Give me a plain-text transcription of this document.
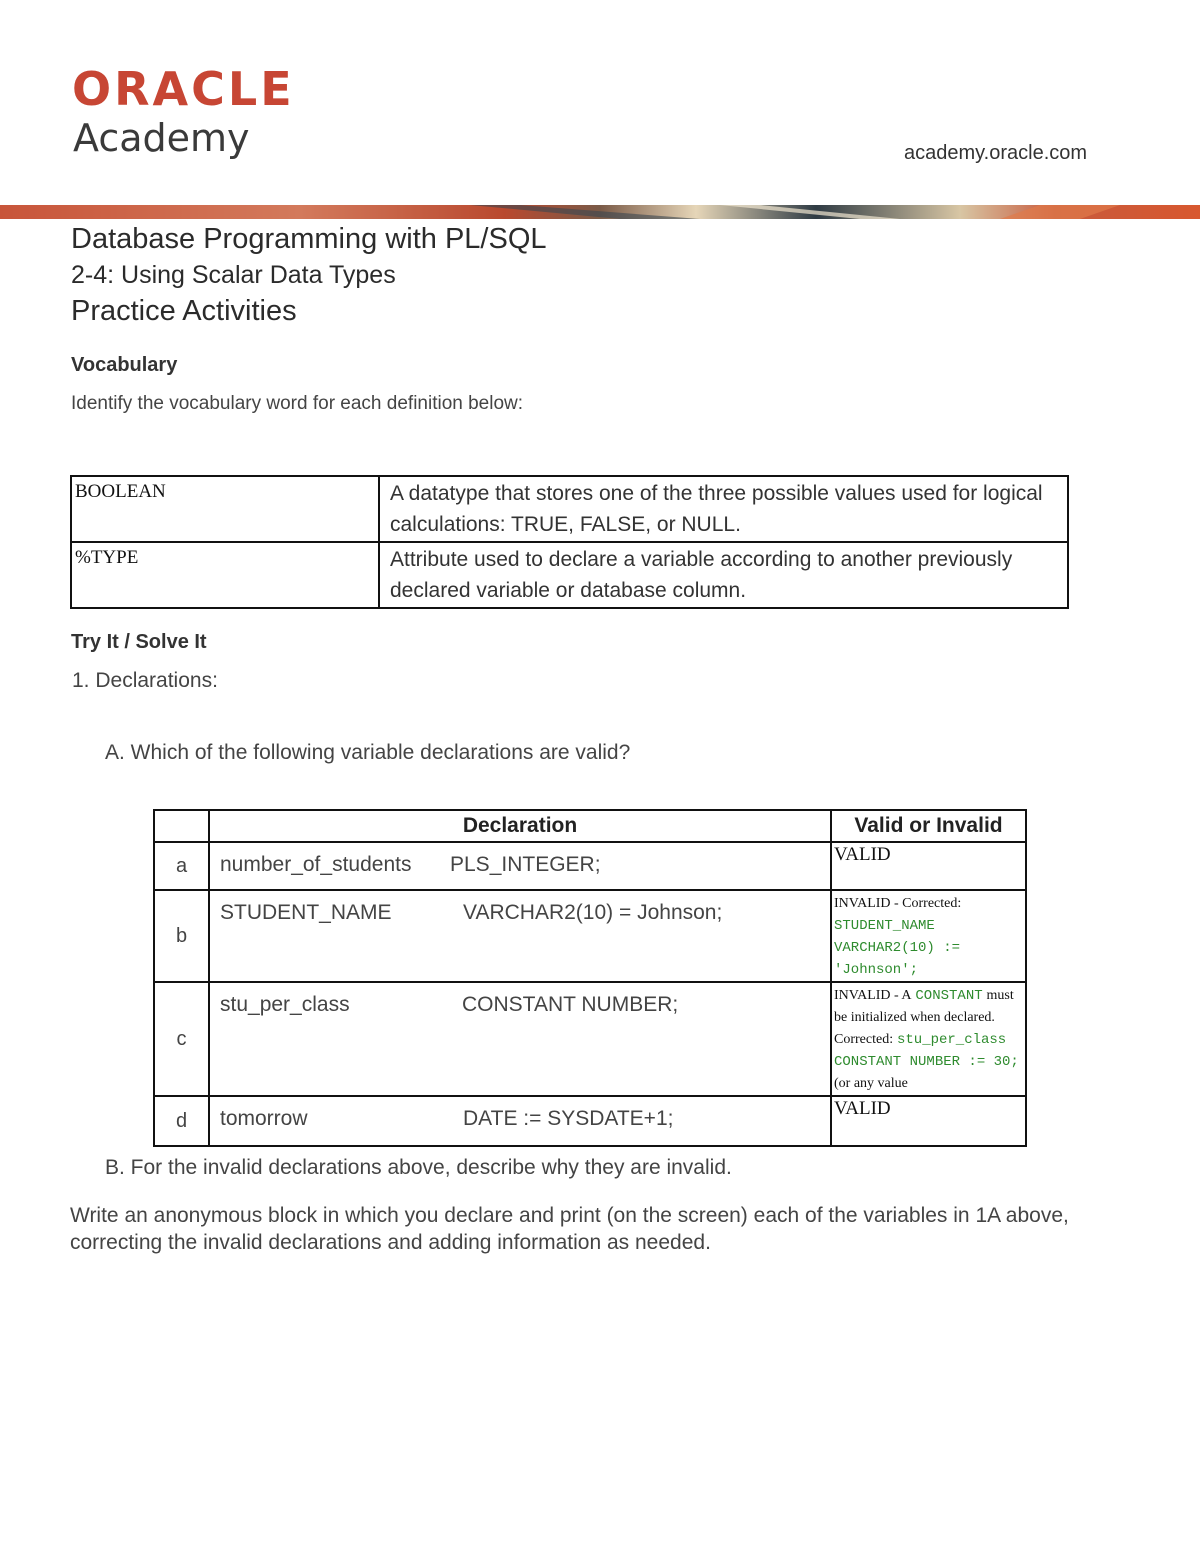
ORACLE
Academy	academy.oracle.com
Database Programming with PL/SQL
2-4: Using Scalar Data Types
Practice Activities
Vocabulary
Identify the vocabulary word for each definition below:
BOOLEAN	A datatype that stores one of the three possible values used for logical calculations: TRUE, FALSE, or NULL.
%TYPE	Attribute used to declare a variable according to another previously declared variable or database column.
Try It / Solve It
1. Declarations:
A. Which of the following variable declarations are valid?
	Declaration	Valid or Invalid
a	number_of_students PLS_INTEGER;	VALID
b	STUDENT_NAME VARCHAR2(10) = Johnson;	INVALID - Corrected: STUDENT_NAME VARCHAR2(10) := 'Johnson';

c	stu_per_class CONSTANT NUMBER;	INVALID - A CONSTANT must be initialized when declared. Corrected: stu_per_class CONSTANT NUMBER := 30; (or any value

d	tomorrow DATE := SYSDATE+1;	VALID
B. For the invalid declarations above, describe why they are invalid.
Write an anonymous block in which you declare and print (on the screen) each of the variables in 1A above, correcting the invalid declarations and adding information as needed.
